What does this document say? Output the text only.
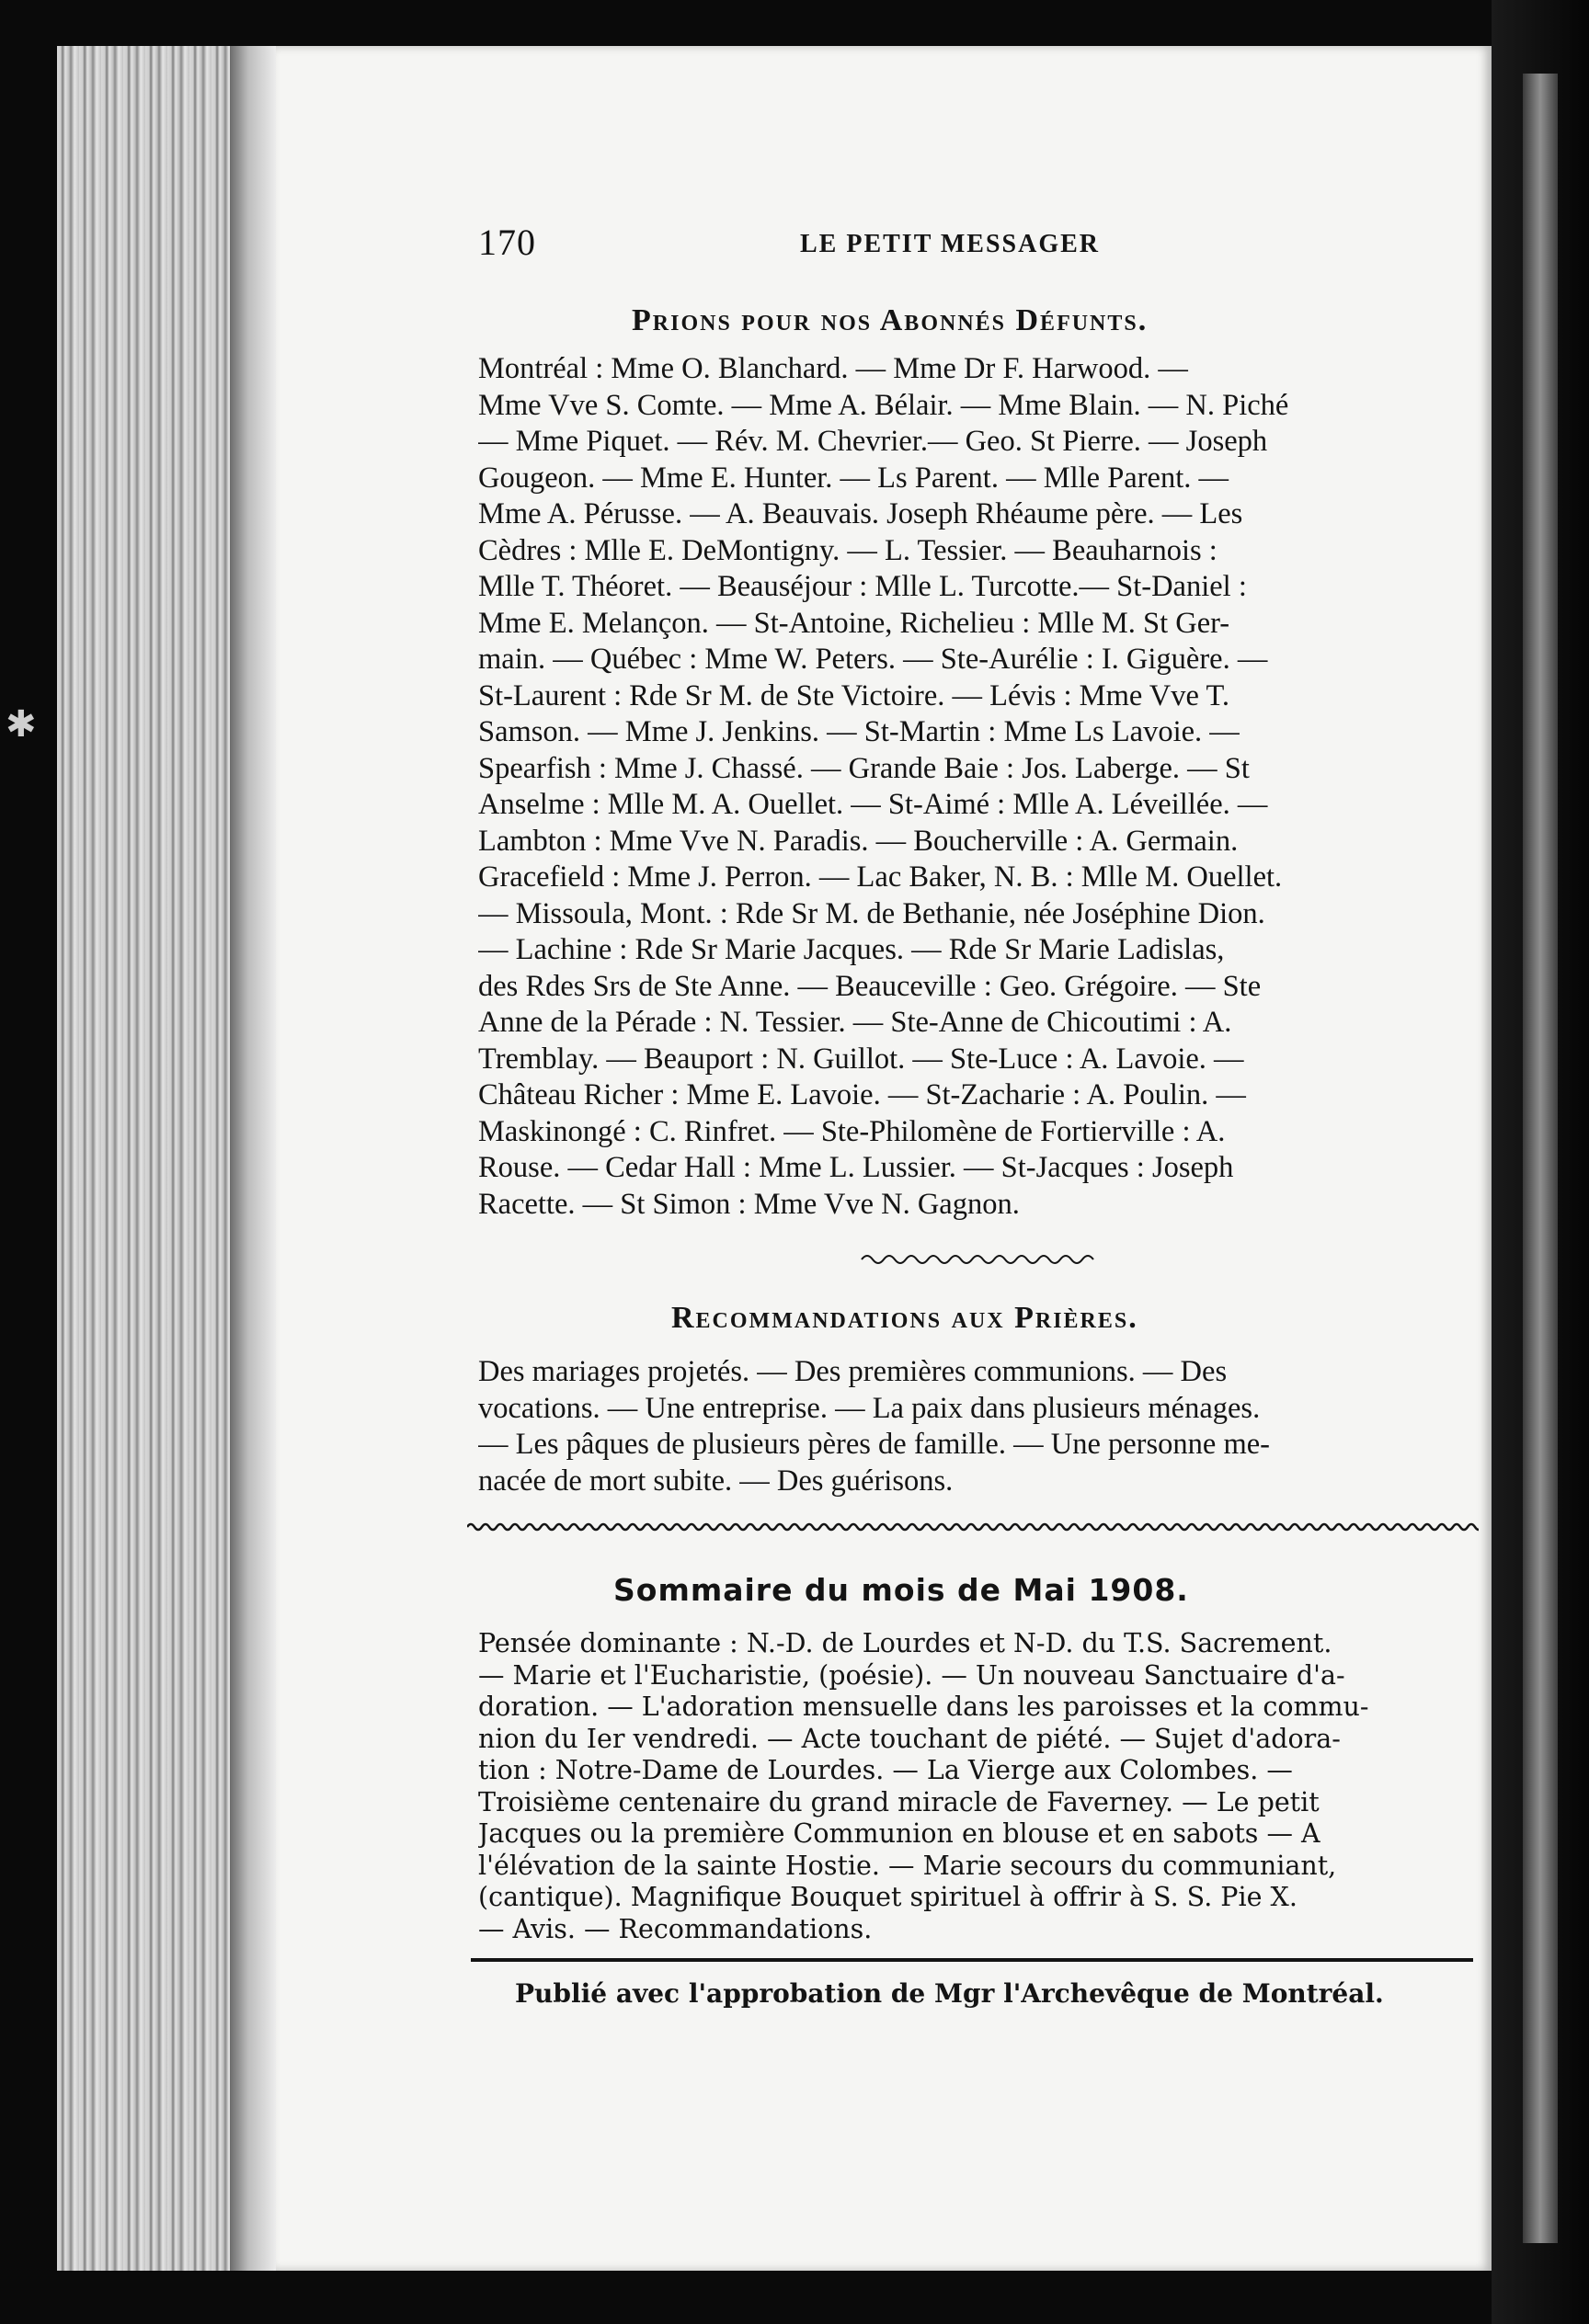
✱
170	LE PETIT MESSAGER
Prions pour nos Abonnés Défunts.
Montréal : Mme O. Blanchard. — Mme Dr F. Harwood. —
Mme Vve S. Comte. — Mme A. Bélair. — Mme Blain. — N. Piché
— Mme Piquet. — Rév. M. Chevrier.— Geo. St Pierre. — Joseph
Gougeon. — Mme E. Hunter. — Ls Parent. — Mlle Parent. —
Mme A. Pérusse. — A. Beauvais. Joseph Rhéaume père. — Les
Cèdres : Mlle E. DeMontigny. — L. Tessier. — Beauharnois :
Mlle T. Théoret. — Beauséjour : Mlle L. Turcotte.— St-Daniel :
Mme E. Melançon. — St-Antoine, Richelieu : Mlle M. St Ger-
main. — Québec : Mme W. Peters. — Ste-Aurélie : I. Giguère. —
St-Laurent : Rde Sr M. de Ste Victoire. — Lévis : Mme Vve T.
Samson. — Mme J. Jenkins. — St-Martin : Mme Ls Lavoie. —
Spearfish : Mme J. Chassé. — Grande Baie : Jos. Laberge. — St
Anselme : Mlle M. A. Ouellet. — St-Aimé : Mlle A. Léveillée. —
Lambton : Mme Vve N. Paradis. — Boucherville : A. Germain.
Gracefield : Mme J. Perron. — Lac Baker, N. B. : Mlle M. Ouellet.
— Missoula, Mont. : Rde Sr M. de Bethanie, née Joséphine Dion.
— Lachine : Rde Sr Marie Jacques. — Rde Sr Marie Ladislas,
des Rdes Srs de Ste Anne. — Beauceville : Geo. Grégoire. — Ste
Anne de la Pérade : N. Tessier. — Ste-Anne de Chicoutimi : A.
Tremblay. — Beauport : N. Guillot. — Ste-Luce : A. Lavoie. —
Château Richer : Mme E. Lavoie. — St-Zacharie : A. Poulin. —
Maskinongé : C. Rinfret. — Ste-Philomène de Fortierville : A.
Rouse. — Cedar Hall : Mme L. Lussier. — St-Jacques : Joseph
Racette. — St Simon : Mme Vve N. Gagnon.
Recommandations aux Prières.
Des mariages projetés. — Des premières communions. — Des
vocations. — Une entreprise. — La paix dans plusieurs ménages.
— Les pâques de plusieurs pères de famille. — Une personne me-
nacée de mort subite. — Des guérisons.
Sommaire du mois de Mai 1908.
Pensée dominante : N.-D. de Lourdes et N-D. du T.S. Sacrement.
— Marie et l'Eucharistie, (poésie). — Un nouveau Sanctuaire d'a-
doration. — L'adoration mensuelle dans les paroisses et la commu-
nion du Ier vendredi. — Acte touchant de piété. — Sujet d'adora-
tion : Notre-Dame de Lourdes. — La Vierge aux Colombes. —
Troisième centenaire du grand miracle de Faverney. — Le petit
Jacques ou la première Communion en blouse et en sabots — A
l'élévation de la sainte Hostie. — Marie secours du communiant,
(cantique). Magnifique Bouquet spirituel à offrir à S. S. Pie X.
— Avis. — Recommandations.
Publié avec l'approbation de Mgr l'Archevêque de Montréal.
